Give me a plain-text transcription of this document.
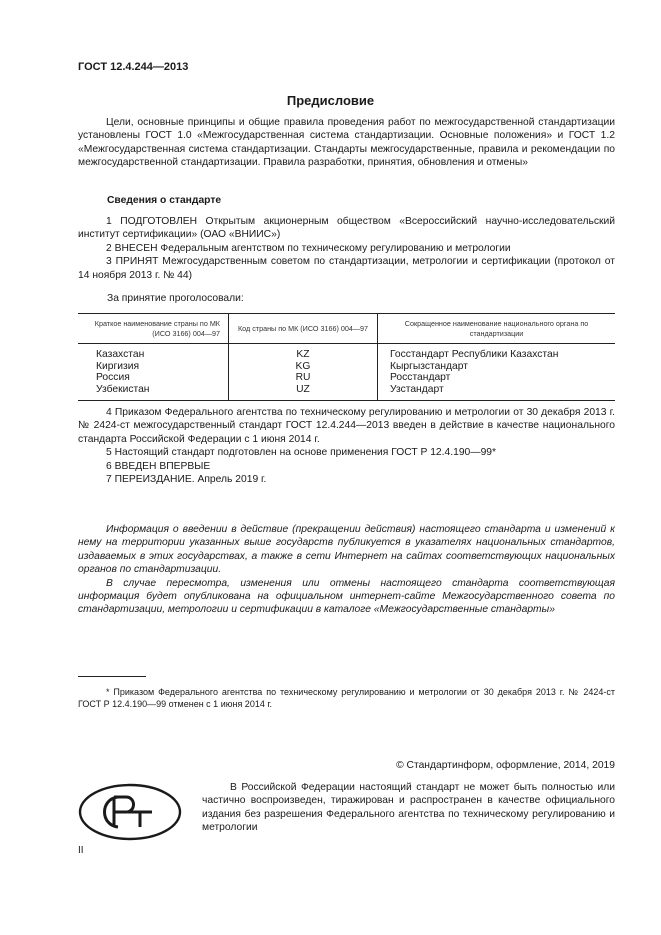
ГОСТ 12.4.244—2013
Предисловие
Цели, основные принципы и общие правила проведения работ по межгосударственной стандартизации установлены ГОСТ 1.0 «Межгосударственная система стандартизации. Основные положения» и ГОСТ 1.2 «Межгосударственная система стандартизации. Стандарты межгосударственные, правила и рекомендации по межгосударственной стандартизации. Правила разработки, принятия, обновления и отмены»
Сведения о стандарте
1 ПОДГОТОВЛЕН Открытым акционерным обществом «Всероссийский научно-исследовательский институт сертификации» (ОАО «ВНИИС»)
2 ВНЕСЕН Федеральным агентством по техническому регулированию и метрологии
3 ПРИНЯТ Межгосударственным советом по стандартизации, метрологии и сертификации (протокол от 14 ноября 2013 г. № 44)
За принятие проголосовали:
Краткое наименование страны по МК (ИСО 3166) 004—97	Код страны по МК (ИСО 3166) 004—97	Сокращенное наименование национального органа по стандартизации
Казахстан	KZ	Госстандарт Республики Казахстан
Киргизия	KG	Кыргызстандарт
Россия	RU	Росстандарт
Узбекистан	UZ	Узстандарт
4 Приказом Федерального агентства по техническому регулированию и метрологии от 30 декабря 2013 г. № 2424-ст межгосударственный стандарт ГОСТ 12.4.244—2013 введен в действие в качестве национального стандарта Российской Федерации с 1 июня 2014 г.
5 Настоящий стандарт подготовлен на основе применения ГОСТ Р 12.4.190—99*
6 ВВЕДЕН ВПЕРВЫЕ
7 ПЕРЕИЗДАНИЕ. Апрель 2019 г.
Информация о введении в действие (прекращении действия) настоящего стандарта и изменений к нему на территории указанных выше государств публикуется в указателях национальных стандартов, издаваемых в этих государствах, а также в сети Интернет на сайтах соответствующих национальных органов по стандартизации.
В случае пересмотра, изменения или отмены настоящего стандарта соответствующая информация будет опубликована на официальном интернет-сайте Межгосударственного совета по стандартизации, метрологии и сертификации в каталоге «Межгосударственные стандарты»
* Приказом Федерального агентства по техническому регулированию и метрологии от 30 декабря 2013 г. № 2424-ст ГОСТ Р 12.4.190—99 отменен с 1 июня 2014 г.
© Стандартинформ, оформление, 2014, 2019
В Российской Федерации настоящий стандарт не может быть полностью или частично воспроизведен, тиражирован и распространен в качестве официального издания без разрешения Федерального агентства по техническому регулированию и метрологии
II
